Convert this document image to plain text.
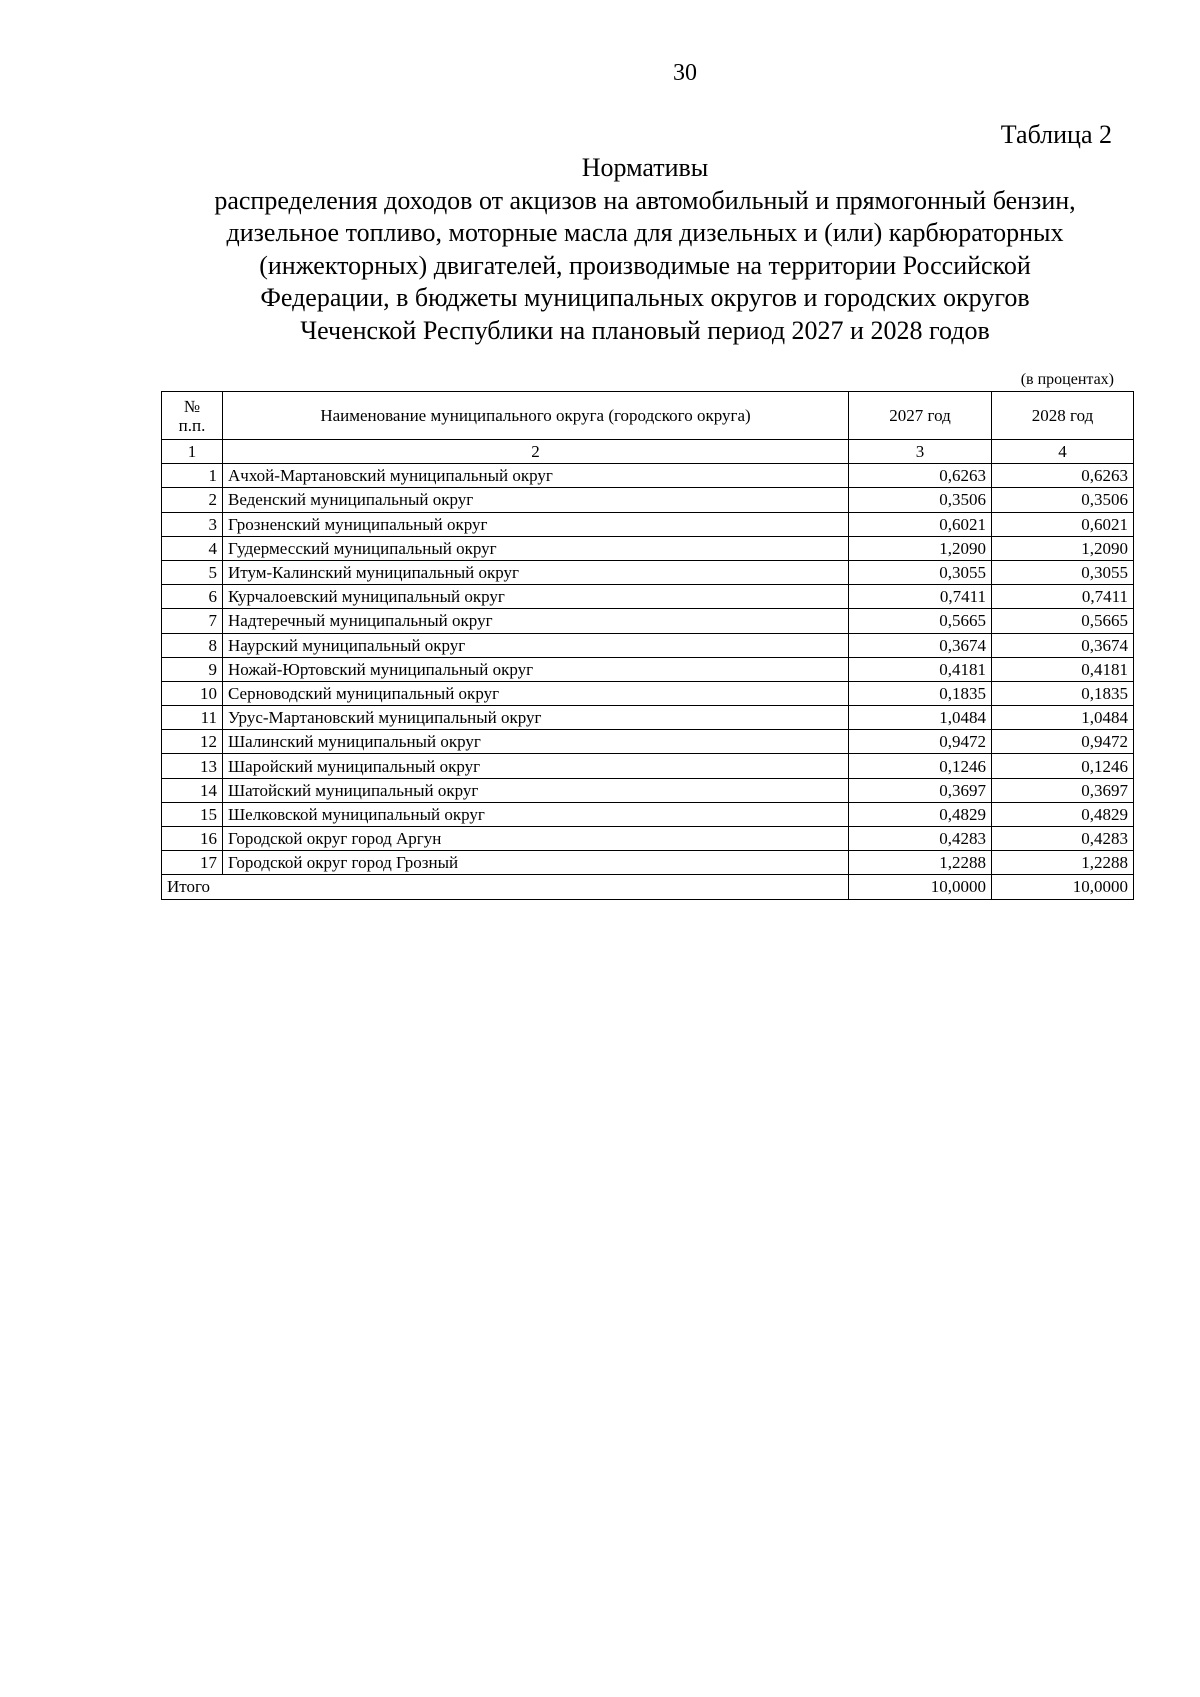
30
Таблица 2
Нормативы
распределения доходов от акцизов на автомобильный и прямогонный бензин,
дизельное топливо, моторные масла для дизельных и (или) карбюраторных
(инжекторных) двигателей, производимые на территории Российской
Федерации, в бюджеты муниципальных округов и городских округов
Чеченской Республики на плановый период 2027 и 2028 годов
(в процентах)
№
п.п.	Наименование муниципального округа (городского округа)	2027 год	2028 год
1	2	3	4
1	Ачхой-Мартановский муниципальный округ	0,6263	0,6263
2	Веденский муниципальный округ	0,3506	0,3506
3	Грозненский муниципальный округ	0,6021	0,6021
4	Гудермесский муниципальный округ	1,2090	1,2090
5	Итум-Калинский муниципальный округ	0,3055	0,3055
6	Курчалоевский муниципальный округ	0,7411	0,7411
7	Надтеречный муниципальный округ	0,5665	0,5665
8	Наурский муниципальный округ	0,3674	0,3674
9	Ножай-Юртовский муниципальный округ	0,4181	0,4181
10	Серноводский муниципальный округ	0,1835	0,1835
11	Урус-Мартановский муниципальный округ	1,0484	1,0484
12	Шалинский муниципальный округ	0,9472	0,9472
13	Шаройский муниципальный округ	0,1246	0,1246
14	Шатойский муниципальный округ	0,3697	0,3697
15	Шелковской муниципальный округ	0,4829	0,4829
16	Городской округ город Аргун	0,4283	0,4283
17	Городской округ город Грозный	1,2288	1,2288
Итого		10,0000	10,0000
